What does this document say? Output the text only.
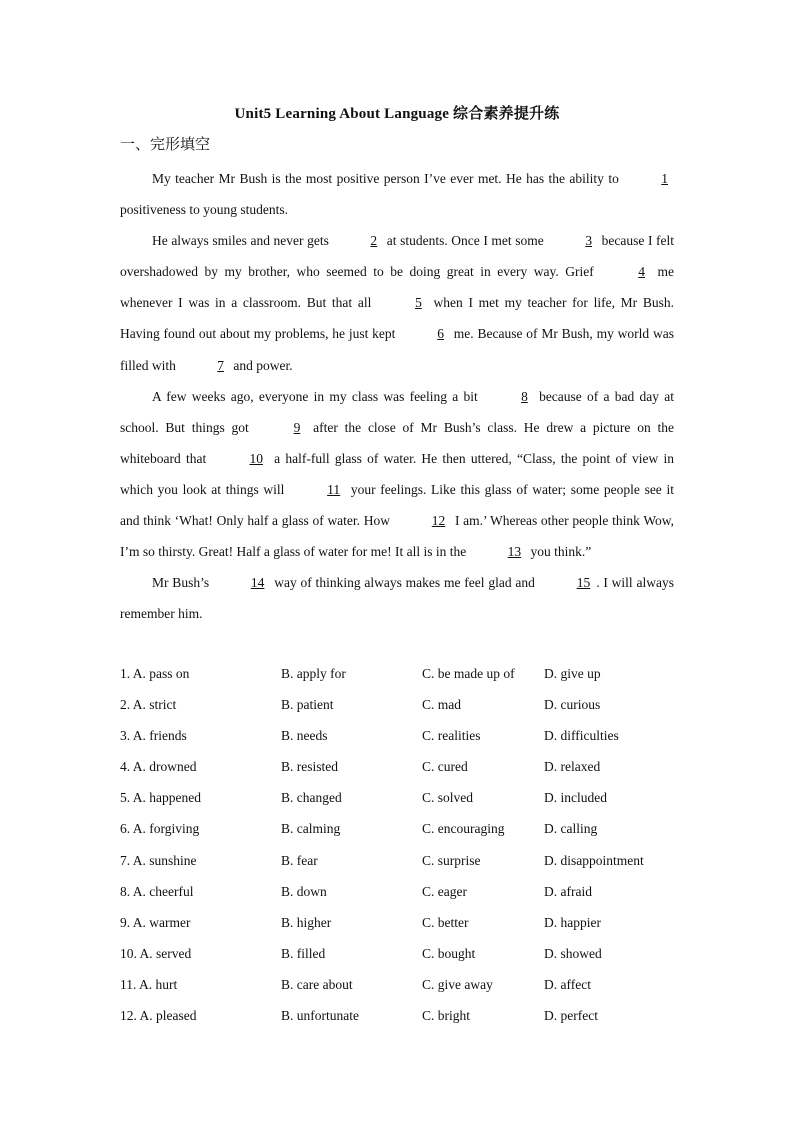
Unit5 Learning About Language 综合素养提升练
一、完形填空

My teacher Mr Bush is the most positive person I’ve ever met. He has the ability to	1 positiveness to young students.

He always smiles and never gets	2 at students. Once I met some	3 because I felt overshadowed by my brother, who seemed to be doing great in every way. Grief	4 me whenever I was in a classroom. But that all	5 when I met my teacher for life, Mr Bush. Having found out about my problems, he just kept	6 me. Because of Mr Bush, my world was filled with	7 and power.

A few weeks ago, everyone in my class was feeling a bit	8 because of a bad day at school. But things got	9 after the close of Mr Bush’s class. He drew a picture on the whiteboard that	10 a half-full glass of water. He then uttered, “Class, the point of view in which you look at things will	11 your feelings. Like this glass of water; some people see it and think ‘What! Only half a glass of water. How	12 I am.’ Whereas other people think Wow, I’m so thirsty. Great! Half a glass of water for me! It all is in the	13 you think.”

Mr Bush’s	14 way of thinking always makes me feel glad and	15 . I will always remember him.

1. A. pass on	B. apply for	C. be made up of D. give up
2. A. strict	B. patient	C. mad	D. curious
3. A. friends	B. needs	C. realities	D. difficulties
4. A. drowned	B. resisted	C. cured	D. relaxed
5. A. happened	B. changed	C. solved	D. included
6. A. forgiving	B. calming	C. encouraging	D. calling
7. A. sunshine	B. fear	C. surprise	D. disappointment
8. A. cheerful	B. down	C. eager	D. afraid
9. A. warmer	B. higher	C. better	D. happier
10. A. served	B. filled	C. bought	D. showed
11. A. hurt	B. care about	C. give away	D. affect
12. A. pleased	B. unfortunate	C. bright	D. perfect
